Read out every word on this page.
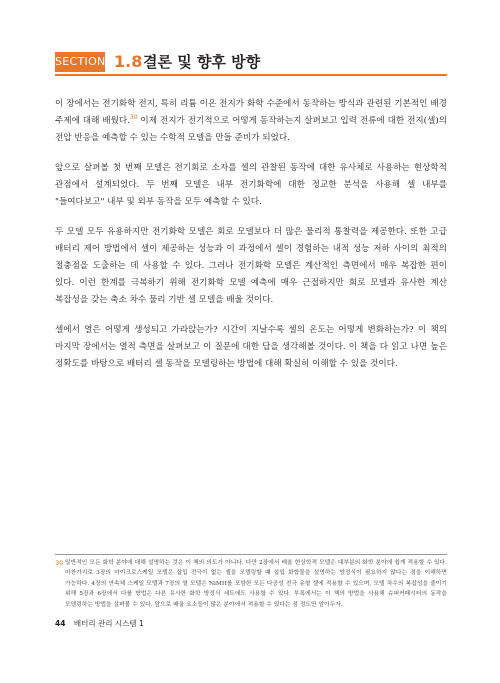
SECTION 1.8 결론 및 향후 방향

이 장에서는 전기화학 전지, 특히 리튬 이온 전지가 화학 수준에서 동작하는 방식과 관련된 기본적인 배경 주제에 대해 배웠다.$^{30}$ 이제 전지가 전기적으로 어떻게 동작하는지 살펴보고 입력 전류에 대한 전지(셀)의 전압 반응을 예측할 수 있는 수학적 모델을 만들 준비가 되었다.

앞으로 살펴볼 첫 번째 모델은 전기회로 소자를 셀의 관찰된 동작에 대한 유사체로 사용하는 현상학적 관점에서 설계되었다. 두 번째 모델은 내부 전기화학에 대한 정교한 분석을 사용해 셀 내부를 "들여다보고" 내부 및 외부 동작을 모두 예측할 수 있다.

두 모델 모두 유용하지만 전기화학 모델은 회로 모델보다 더 많은 물리적 통찰력을 제공한다. 또한 고급 배터리 제어 방법에서 셀이 제공하는 성능과 이 과정에서 셀이 경험하는 내적 성능 저하 사이의 최적의 절충점을 도출하는 데 사용할 수 있다. 그러나 전기화학 모델은 계산적인 측면에서 매우 복잡한 편이 있다. 이런 한계를 극복하기 위해 전기화학 모델 예측에 매우 근접하지만 회로 모델과 유사한 계산 복잡성을 갖는 축소 차수 물리 기반 셀 모델을 배울 것이다.

셀에서 열은 어떻게 생성되고 가라앉는가? 시간이 지날수록 셀의 온도는 어떻게 변화하는가? 이 책의 마지막 장에서는 열적 측면을 살펴보고 이 질문에 대한 답을 생각해볼 것이다. 이 책을 다 읽고 나면 높은 정확도를 바탕으로 배터리 셀 동작을 모델링하는 방법에 대해 확실히 이해할 수 있을 것이다.

30 일반적인 모든 화학 분야에 대해 설명하는 것은 이 책의 의도가 아니다. 다만 2장에서 배울 현상학적 모델은 대부분의 화학 분야에 쉽게 적용할 수 있다. 마찬가지로 3장의 마이크로스케일 모델은 삽입 전극이 없는 셀을 모델링할 때 삽입 화합물을 설명하는 방정식이 필요하지 않다는 점을 이해하면 가능하다. 4장의 연속체 스케일 모델과 7장의 열 모델은 NiMH를 포함한 모든 다공성 전극 유형 셀에 적용할 수 있으며, 모델 차수의 복잡성을 줄이기 위해 5장과 6장에서 다룰 방법은 다른 유사한 화학 방정식 세트에도 사용할 수 있다. 부록에서는 이 책의 방법을 사용해 슈퍼커패시터의 동작을 모델링하는 방법을 살펴볼 수 있다. 앞으로 배울 요소들이 많은 분야에서 적용할 수 있다는 점 정도만 알아두자.
44 배터리 관리 시스템 1
